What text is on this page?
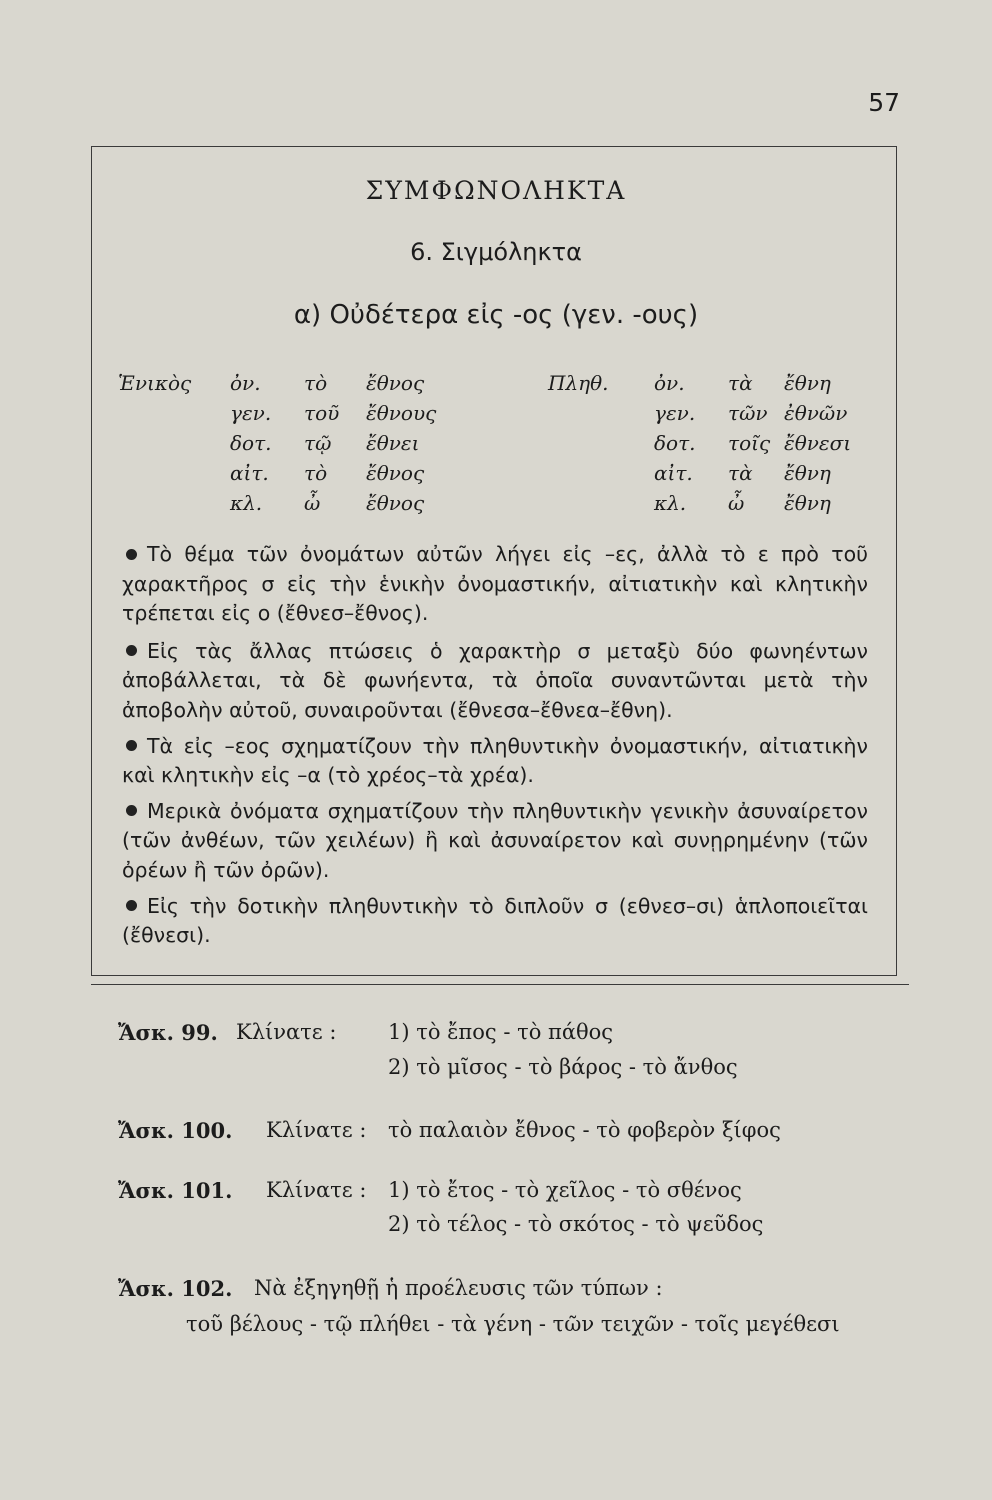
57
ΣΥΜΦΩΝΟΛΗΚΤΑ
6. Σιγμόληκτα
α) Οὐδέτερα εἰς -ος (γεν. -ους)
Ἑνικὸς ὀν. τὸ ἔθνος
γεν. τοῦ ἔθνους
δοτ. τῷ ἔθνει
αἰτ. τὸ ἔθνος
κλ. ὦ ἔθνος
Πληθ. ὀν. τὰ ἔθνη
γεν. τῶν ἐθνῶν
δοτ. τοῖς ἔθνεσι
αἰτ. τὰ ἔθνη
κλ. ὦ ἔθνη
Τὸ θέμα τῶν ὀνομάτων αὐτῶν λήγει εἰς –ες, ἀλλὰ τὸ ε πρὸ τοῦ χαρακτῆρος σ εἰς τὴν ἑνικὴν ὀνομαστικήν, αἰτιατικὴν καὶ κλητικὴν τρέπεται εἰς ο (ἔθνεσ–ἔθνος).
Εἰς τὰς ἄλλας πτώσεις ὁ χαρακτὴρ σ μεταξὺ δύο φωνηέντων ἀποβάλλεται, τὰ δὲ φωνήεντα, τὰ ὁποῖα συναντῶνται μετὰ τὴν ἀποβολὴν αὐτοῦ, συναιροῦνται (ἔθνεσα–ἔθνεα–ἔθνη).
Τὰ εἰς –εος σχηματίζουν τὴν πληθυντικὴν ὀνομαστικήν, αἰτιατικὴν καὶ κλητικὴν εἰς –α (τὸ χρέος–τὰ χρέα).
Μερικὰ ὀνόματα σχηματίζουν τὴν πληθυντικὴν γενικὴν ἀσυναίρετον (τῶν ἀνθέων, τῶν χειλέων) ἢ καὶ ἀσυναίρετον καὶ συνῃρημένην (τῶν ὀρέων ἢ τῶν ὀρῶν).
Εἰς τὴν δοτικὴν πληθυντικὴν τὸ διπλοῦν σ (εθνεσ–σι) ἁπλοποιεῖται (ἔθνεσι).
Ἄσκ. 99. Κλίνατε : 1) τὸ ἔπος - τὸ πάθος
2) τὸ μῖσος - τὸ βάρος - τὸ ἄνθος
Ἄσκ. 100. Κλίνατε : τὸ παλαιὸν ἔθνος - τὸ φοβερὸν ξίφος
Ἄσκ. 101. Κλίνατε : 1) τὸ ἔτος - τὸ χεῖλος - τὸ σθένος
2) τὸ τέλος - τὸ σκότος - τὸ ψεῦδος
Ἄσκ. 102. Νὰ ἐξηγηθῇ ἡ προέλευσις τῶν τύπων :
τοῦ βέλους - τῷ πλήθει - τὰ γένη - τῶν τειχῶν - τοῖς μεγέθεσι
